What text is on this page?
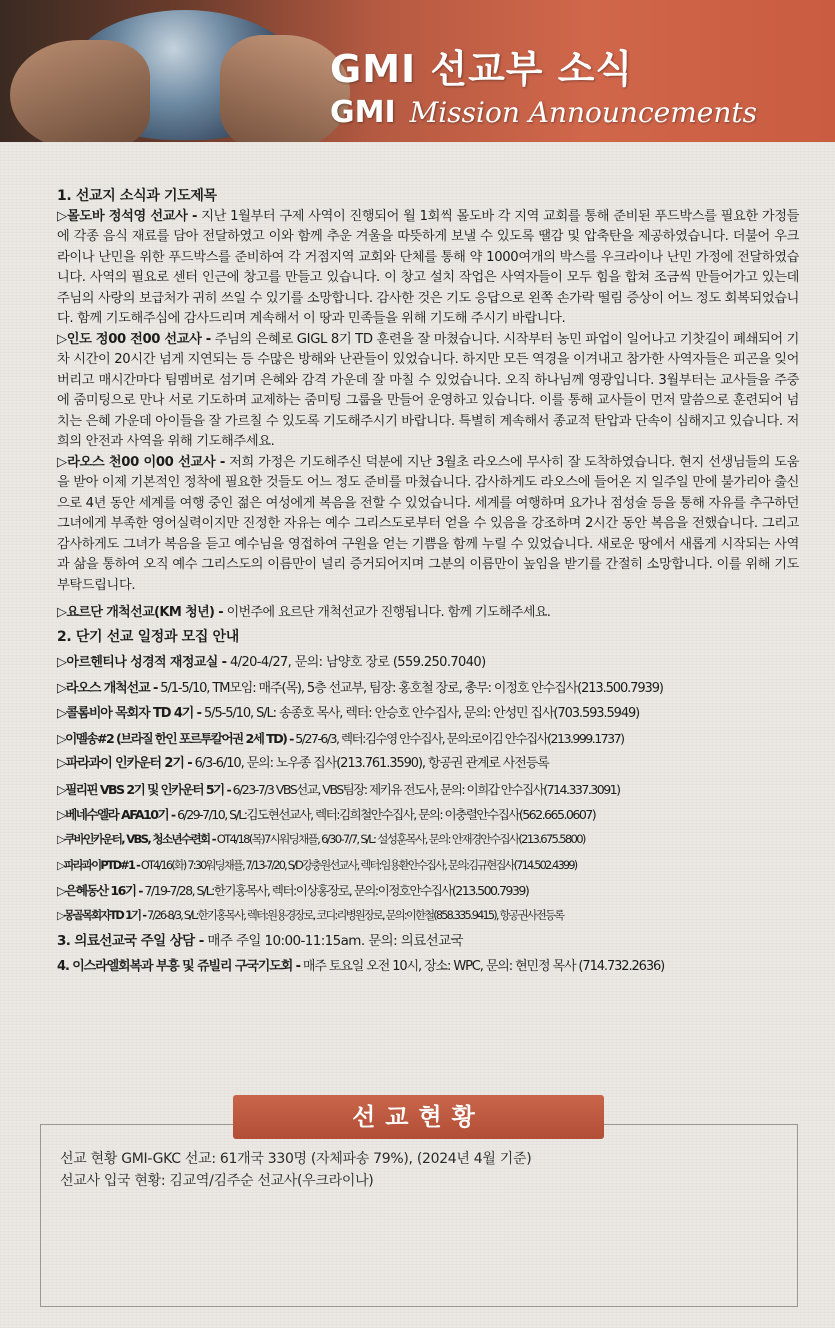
GMI 선교부 소식
GMI Mission Announcements

1. 선교지 소식과 기도제목

▷몰도바 정석영 선교사 - 지난 1월부터 구제 사역이 진행되어 월 1회씩 몰도바 각 지역 교회를 통해 준비된 푸드박스를 필요한 가정들에 각종 음식 재료를 담아 전달하였고 이와 함께 추운 겨울을 따뜻하게 보낼 수 있도록 땔감 및 압축탄을 제공하였습니다. 더불어 우크라이나 난민을 위한 푸드박스를 준비하여 각 거점지역 교회와 단체를 통해 약 1000여개의 박스를 우크라이나 난민 가정에 전달하였습니다. 사역의 필요로 센터 인근에 창고를 만들고 있습니다. 이 창고 설치 작업은 사역자들이 모두 힘을 합쳐 조금씩 만들어가고 있는데 주님의 사랑의 보급처가 귀히 쓰일 수 있기를 소망합니다. 감사한 것은 기도 응답으로 왼쪽 손가락 떨림 증상이 어느 정도 회복되었습니다. 함께 기도해주심에 감사드리며 계속해서 이 땅과 민족들을 위해 기도해 주시기 바랍니다.

▷인도 정00 전00 선교사 - 주님의 은혜로 GIGL 8기 TD 훈련을 잘 마쳤습니다. 시작부터 농민 파업이 일어나고 기찻길이 폐쇄되어 기차 시간이 20시간 넘게 지연되는 등 수많은 방해와 난관들이 있었습니다. 하지만 모든 역경을 이겨내고 참가한 사역자들은 피곤을 잊어버리고 매시간마다 팀멤버로 섬기며 은혜와 감격 가운데 잘 마칠 수 있었습니다. 오직 하나님께 영광입니다. 3월부터는 교사들을 주중에 줌미팅으로 만나 서로 기도하며 교제하는 줌미팅 그룹을 만들어 운영하고 있습니다. 이를 통해 교사들이 먼저 말씀으로 훈련되어 넘치는 은혜 가운데 아이들을 잘 가르칠 수 있도록 기도해주시기 바랍니다. 특별히 계속해서 종교적 탄압과 단속이 심해지고 있습니다. 저희의 안전과 사역을 위해 기도해주세요.

▷라오스 천00 이00 선교사 - 저희 가정은 기도해주신 덕분에 지난 3월초 라오스에 무사히 잘 도착하였습니다. 현지 선생님들의 도움을 받아 이제 기본적인 정착에 필요한 것들도 어느 정도 준비를 마쳤습니다. 감사하게도 라오스에 들어온 지 일주일 만에 불가리아 출신으로 4년 동안 세계를 여행 중인 젊은 여성에게 복음을 전할 수 있었습니다. 세계를 여행하며 요가나 점성술 등을 통해 자유를 추구하던 그녀에게 부족한 영어실력이지만 진정한 자유는 예수 그리스도로부터 얻을 수 있음을 강조하며 2시간 동안 복음을 전했습니다. 그리고 감사하게도 그녀가 복음을 듣고 예수님을 영접하여 구원을 얻는 기쁨을 함께 누릴 수 있었습니다. 새로운 땅에서 새롭게 시작되는 사역과 삶을 통하여 오직 예수 그리스도의 이름만이 널리 증거되어지며 그분의 이름만이 높임을 받기를 간절히 소망합니다. 이를 위해 기도 부탁드립니다.

▷요르단 개척선교(KM 청년) - 이번주에 요르단 개척선교가 진행됩니다. 함께 기도해주세요.

2. 단기 선교 일정과 모집 안내

▷아르헨티나 성경적 재정교실 - 4/20-4/27, 문의: 남양호 장로 (559.250.7040)

▷라오스 개척선교 - 5/1-5/10, TM모임: 매주(목), 5층 선교부, 팀장: 홍호철 장로, 총무: 이정호 안수집사(213.500.7939)

▷콜롬비아 목회자 TD 4기 - 5/5-5/10, S/L: 송종호 목사, 렉터: 안승호 안수집사, 문의: 안성민 집사(703.593.5949)

▷이멜송#2 (브라질 한인 포르투칼어권 2세 TD) - 5/27-6/3, 렉터:김수영 안수집사, 문의:로이김 안수집사(213.999.1737)

▷파라과이 인카운터 2기 - 6/3-6/10, 문의: 노우종 집사(213.761.3590), 항공권 관계로 사전등록

▷필리핀 VBS 2기 및 인카운터 5기 - 6/23-7/3 VBS선교, VBS팀장: 제키유 전도사, 문의: 이희갑 안수집사(714.337.3091)

▷베네수엘라 AFA10기 - 6/29-7/10, S/L:김도현선교사, 렉터:김희철안수집사, 문의: 이충렬안수집사(562.665.0607)

▷쿠바인카운터, VBS, 청소년수련회 - OT4/18(목)7시워딩채플, 6/30-7/7, S/L: 설성훈목사, 문의: 안재경안수집사(213.675.5800)

▷파라과이PTD#1 - OT4/16(화) 7:30워딩채플, 7/13-7/20, S/D강충원선교사, 렉터:임용환안수집사, 문의:김규현집사(714.502.4399)

▷은혜동산 16기 - 7/19-7/28, S/L:한기홍목사, 렉터:이상홍장로, 문의:이정호안수집사(213.500.7939)

▷몽골목회자TD 1기 - 7/26-8/3, S/L:한기홍목사, 렉터:원용경장로, 코디:리병원장로, 문의:이한철(858.335.9415), 항공권사전등록

3. 의료선교국 주일 상담 - 매주 주일 10:00-11:15am. 문의: 의료선교국

4. 이스라엘회복과 부흥 및 쥬빌리 구국기도회 - 매주 토요일 오전 10시, 장소: WPC, 문의: 현민정 목사 (714.732.2636)

선교현황
선교 현황 GMI-GKC 선교: 61개국 330명 (자체파송 79%), (2024년 4월 기준)
선교사 입국 현황: 김교역/김주순 선교사(우크라이나)
